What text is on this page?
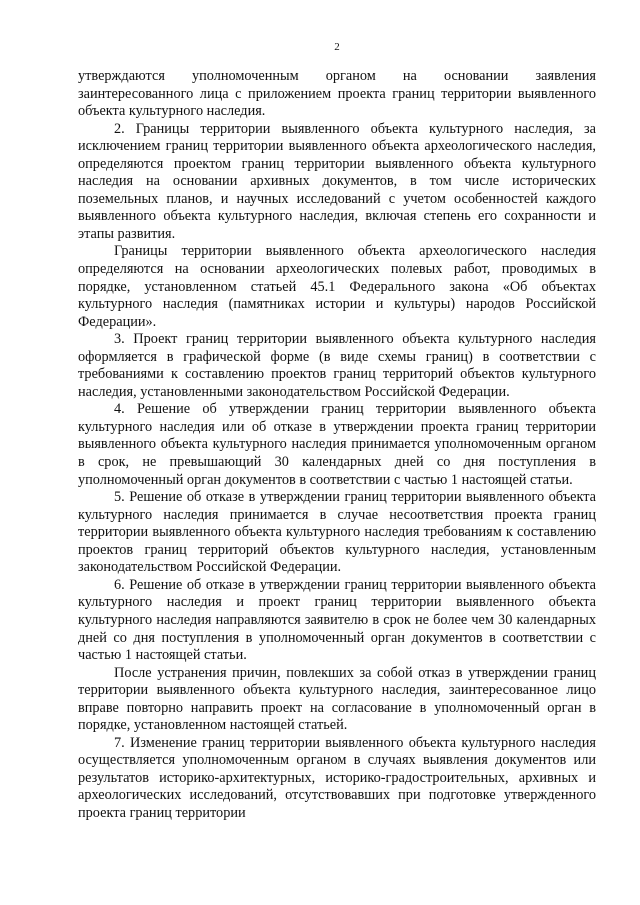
2

утверждаются уполномоченным органом на основании заявления заинтересованного лица с приложением проекта границ территории выявленного объекта культурного наследия.

2. Границы территории выявленного объекта культурного наследия, за исключением границ территории выявленного объекта археологического наследия, определяются проектом границ территории выявленного объекта культурного наследия на основании архивных документов, в том числе исторических поземельных планов, и научных исследований с учетом особенностей каждого выявленного объекта культурного наследия, включая степень его сохранности и этапы развития.

Границы территории выявленного объекта археологического наследия определяются на основании археологических полевых работ, проводимых в порядке, установленном статьей 45.1 Федерального закона «Об объектах культурного наследия (памятниках истории и культуры) народов Российской Федерации».

3. Проект границ территории выявленного объекта культурного наследия оформляется в графической форме (в виде схемы границ) в соответствии с требованиями к составлению проектов границ территорий объектов культурного наследия, установленными законодательством Российской Федерации.

4. Решение об утверждении границ территории выявленного объекта культурного наследия или об отказе в утверждении проекта границ территории выявленного объекта культурного наследия принимается уполномоченным органом в срок, не превышающий 30 календарных дней со дня поступления в уполномоченный орган документов в соответствии с частью 1 настоящей статьи.

5. Решение об отказе в утверждении границ территории выявленного объекта культурного наследия принимается в случае несоответствия проекта границ территории выявленного объекта культурного наследия требованиям к составлению проектов границ территорий объектов культурного наследия, установленным законодательством Российской Федерации.

6. Решение об отказе в утверждении границ территории выявленного объекта культурного наследия и проект границ территории выявленного объекта культурного наследия направляются заявителю в срок не более чем 30 календарных дней со дня поступления в уполномоченный орган документов в соответствии с частью 1 настоящей статьи.

После устранения причин, повлекших за собой отказ в утверждении границ территории выявленного объекта культурного наследия, заинтересованное лицо вправе повторно направить проект на согласование в уполномоченный орган в порядке, установленном настоящей статьей.

7. Изменение границ территории выявленного объекта культурного наследия осуществляется уполномоченным органом в случаях выявления документов или результатов историко-архитектурных, историко-градостроительных, архивных и археологических исследований, отсутствовавших при подготовке утвержденного проекта границ территории
